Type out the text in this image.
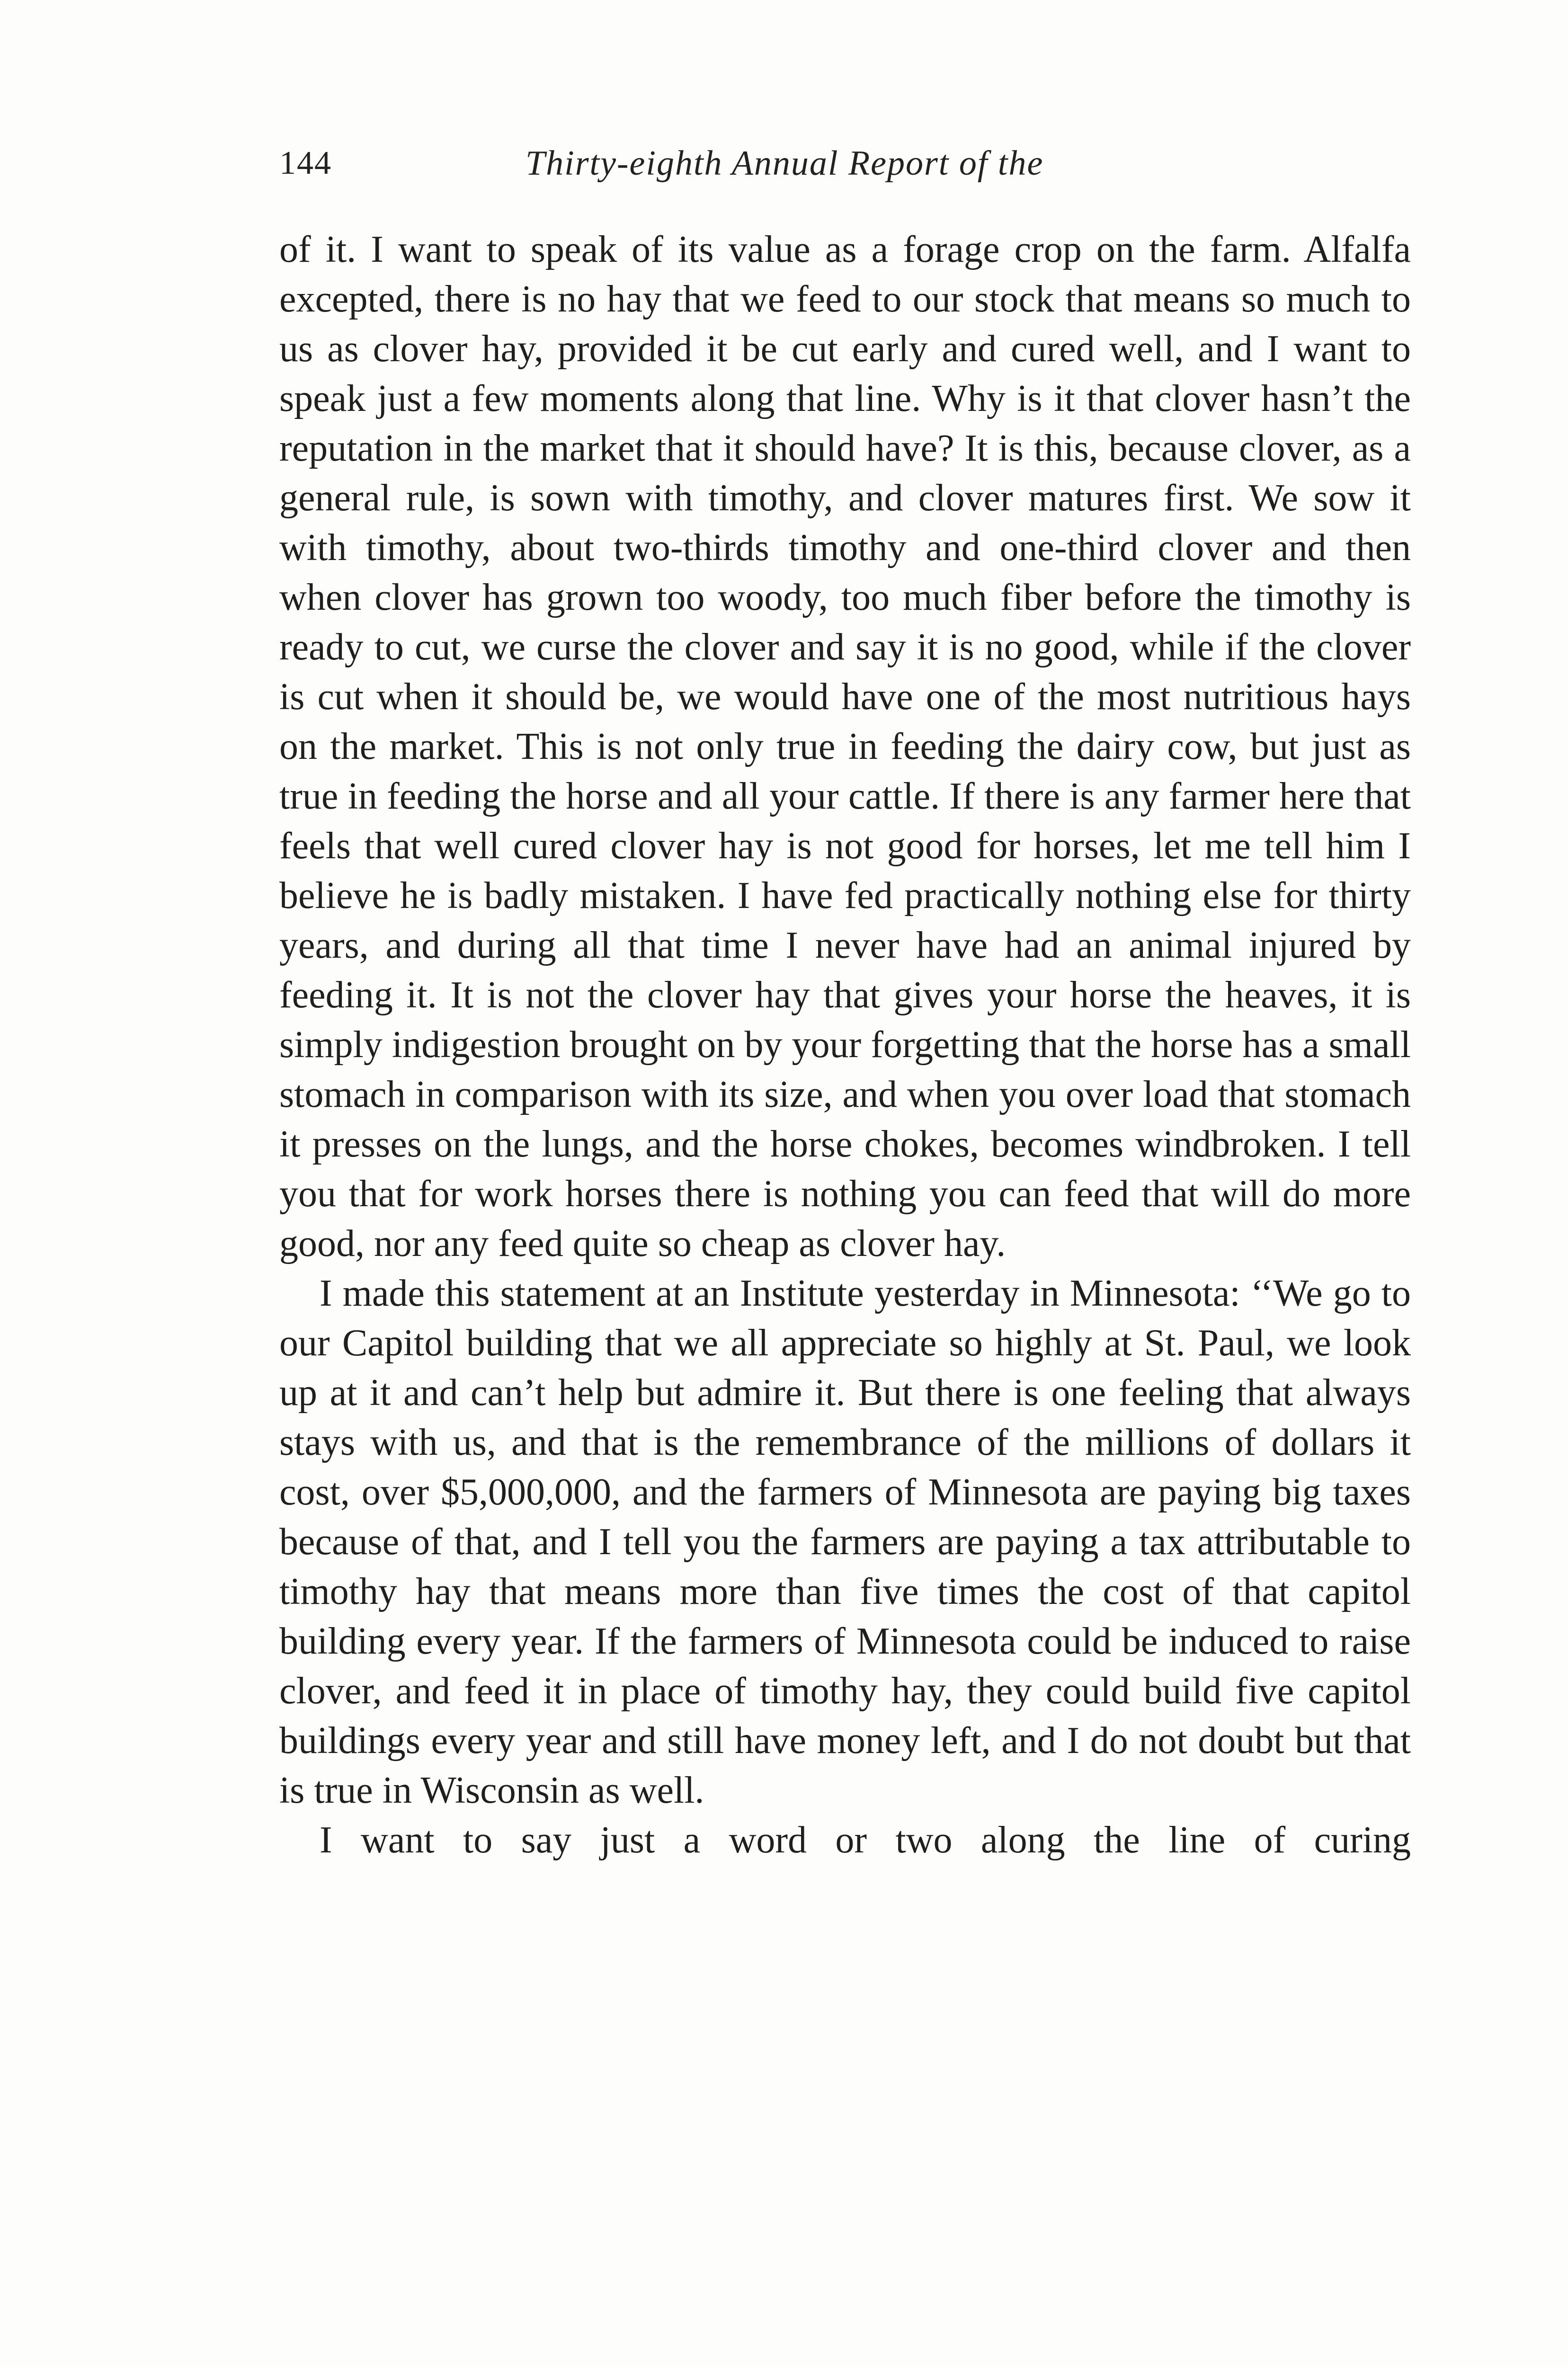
144	Thirty-eighth Annual Report of the

of it. I want to speak of its value as a forage crop on the farm. Alfalfa excepted, there is no hay that we feed to our stock that means so much to us as clover hay, provided it be cut early and cured well, and I want to speak just a few moments along that line. Why is it that clover hasn’t the reputation in the market that it should have? It is this, because clover, as a general rule, is sown with timothy, and clover matures first. We sow it with timothy, about two-thirds timothy and one-third clover and then when clover has grown too woody, too much fiber before the timothy is ready to cut, we curse the clover and say it is no good, while if the clover is cut when it should be, we would have one of the most nutritious hays on the market. This is not only true in feeding the dairy cow, but just as true in feeding the horse and all your cattle. If there is any farmer here that feels that well cured clover hay is not good for horses, let me tell him I believe he is badly mistaken. I have fed practically nothing else for thirty years, and during all that time I never have had an animal injured by feeding it. It is not the clover hay that gives your horse the heaves, it is simply indigestion brought on by your forgetting that the horse has a small stomach in comparison with its size, and when you over load that stomach it presses on the lungs, and the horse chokes, becomes windbroken. I tell you that for work horses there is nothing you can feed that will do more good, nor any feed quite so cheap as clover hay.

I made this statement at an Institute yesterday in Minnesota: ‘‘We go to our Capitol building that we all appreciate so highly at St. Paul, we look up at it and can’t help but admire it. But there is one feeling that always stays with us, and that is the remembrance of the millions of dollars it cost, over $5,000,000, and the farmers of Minnesota are paying big taxes because of that, and I tell you the farmers are paying a tax attributable to timothy hay that means more than five times the cost of that capitol building every year. If the farmers of Minnesota could be induced to raise clover, and feed it in place of timothy hay, they could build five capitol buildings every year and still have money left, and I do not doubt but that is true in Wisconsin as well.

I want to say just a word or two along the line of curing
